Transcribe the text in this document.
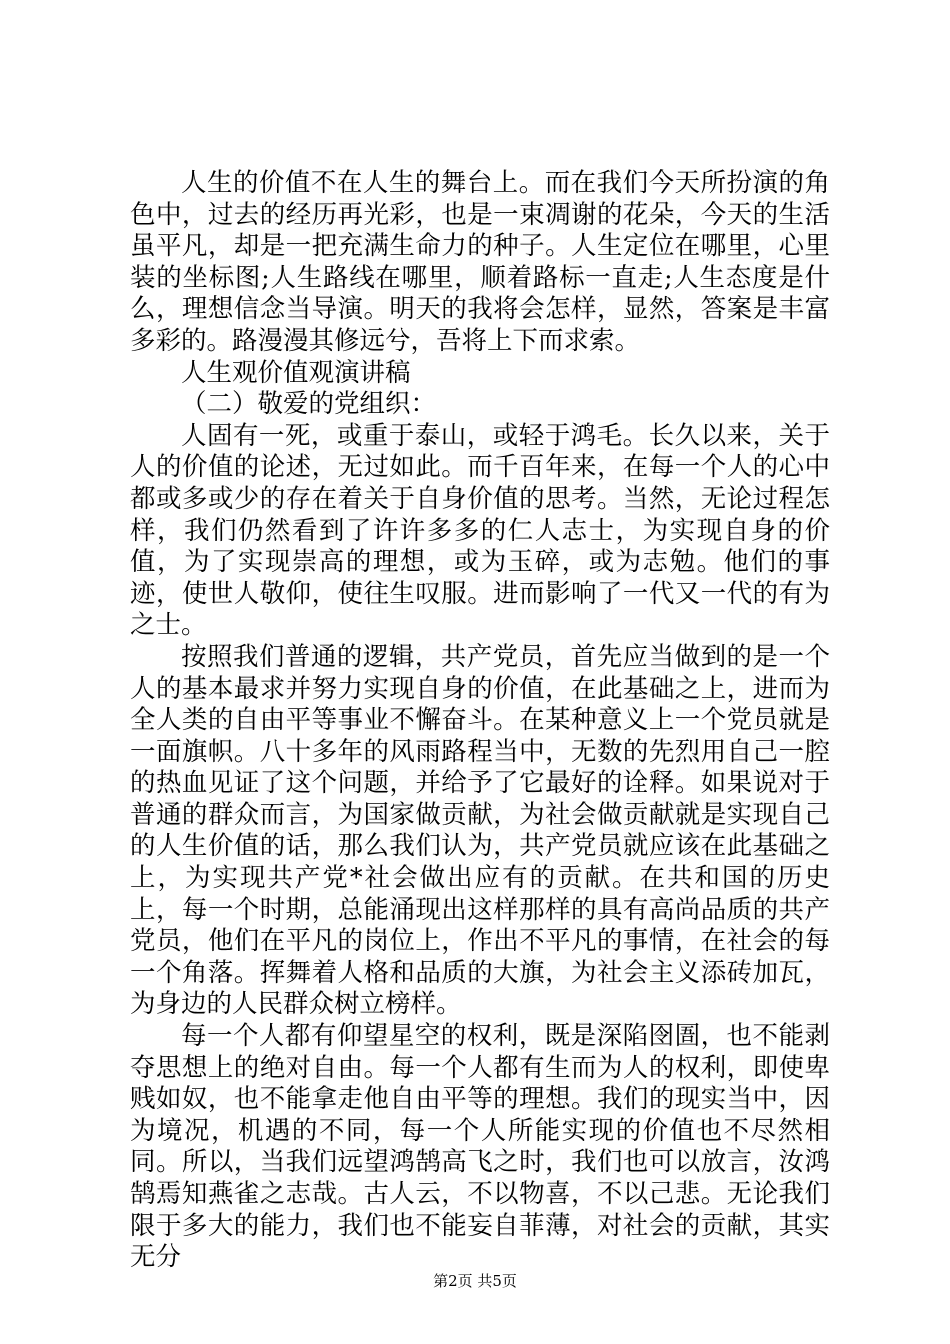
人生的价值不在人生的舞台上。而在我们今天所扮演的角色中，过去的经历再光彩，也是一束凋谢的花朵，今天的生活虽平凡，却是一把充满生命力的种子。人生定位在哪里，心里装的坐标图;人生路线在哪里，顺着路标一直走;人生态度是什么，理想信念当导演。明天的我将会怎样，显然，答案是丰富多彩的。路漫漫其修远兮，吾将上下而求索。

人生观价值观演讲稿

（二）敬爱的党组织：

人固有一死，或重于泰山，或轻于鸿毛。长久以来，关于人的价值的论述，无过如此。而千百年来，在每一个人的心中都或多或少的存在着关于自身价值的思考。当然，无论过程怎样，我们仍然看到了许许多多的仁人志士，为实现自身的价值，为了实现崇高的理想，或为玉碎，或为志勉。他们的事迹，使世人敬仰，使往生叹服。进而影响了一代又一代的有为之士。

按照我们普通的逻辑，共产党员，首先应当做到的是一个人的基本最求并努力实现自身的价值，在此基础之上，进而为全人类的自由平等事业不懈奋斗。在某种意义上一个党员就是一面旗帜。八十多年的风雨路程当中，无数的先烈用自己一腔的热血见证了这个问题，并给予了它最好的诠释。如果说对于普通的群众而言，为国家做贡献，为社会做贡献就是实现自己的人生价值的话，那么我们认为，共产党员就应该在此基础之上，为实现共产党*社会做出应有的贡献。在共和国的历史上，每一个时期，总能涌现出这样那样的具有高尚品质的共产党员，他们在平凡的岗位上，作出不平凡的事情，在社会的每一个角落。挥舞着人格和品质的大旗，为社会主义添砖加瓦，为身边的人民群众树立榜样。

每一个人都有仰望星空的权利，既是深陷囹圄，也不能剥夺思想上的绝对自由。每一个人都有生而为人的权利，即使卑贱如奴，也不能拿走他自由平等的理想。我们的现实当中，因为境况，机遇的不同，每一个人所能实现的价值也不尽然相同。所以，当我们远望鸿鹄高飞之时，我们也可以放言，汝鸿鹄焉知燕雀之志哉。古人云，不以物喜，不以己悲。无论我们限于多大的能力，我们也不能妄自菲薄，对社会的贡献，其实无分

第2页 共5页
